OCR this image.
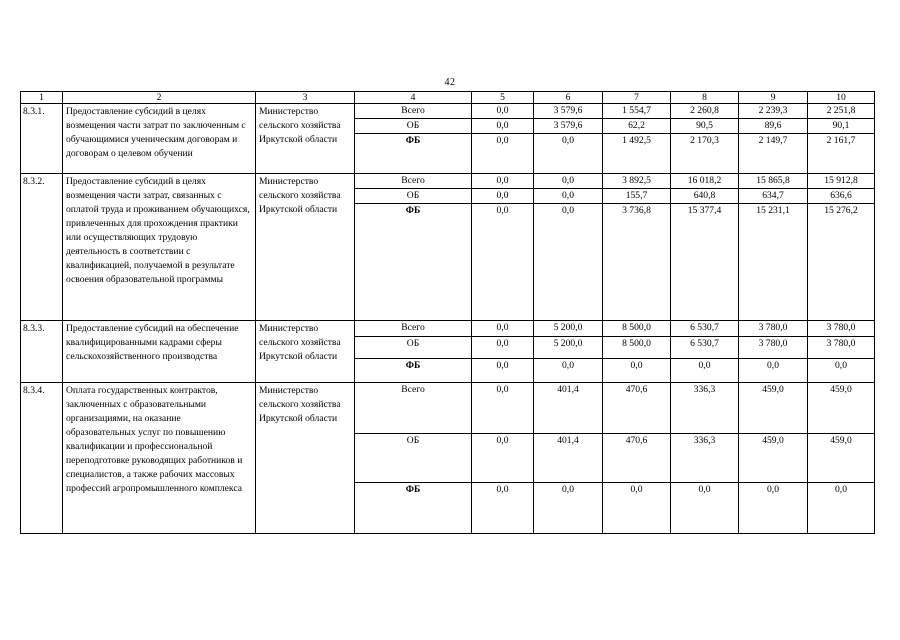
42
1	2	3	4	5	6	7	8	9	10
8.3.1.	Предоставление субсидий в целях возмещения части затрат по заключенным с обучающимися ученическим договорам и договорам о целевом обучении	Министерство сельского хозяйства Иркутской области	Всего	0,0	3 579,6	1 554,7	2 260,8	2 239,3	2 251,8
			ОБ	0,0	3 579,6	62,2	90,5	89,6	90,1
			ФБ	0,0	0,0	1 492,5	2 170,3	2 149,7	2 161,7
8.3.2.	Предоставление субсидий в целях возмещения части затрат, связанных с оплатой труда и проживанием обучающихся, привлеченных для прохождения практики или осуществляющих трудовую деятельность в соответствии с квалификацией, получаемой в результате освоения образовательной программы	Министерство сельского хозяйства Иркутской области	Всего	0,0	0,0	3 892,5	16 018,2	15 865,8	15 912,8
			ОБ	0,0	0,0	155,7	640,8	634,7	636,6
			ФБ	0,0	0,0	3 736,8	15 377,4	15 231,1	15 276,2
8.3.3.	Предоставление субсидий на обеспечение квалифицированными кадрами сферы сельскохозяйственного производства	Министерство сельского хозяйства Иркутской области	Всего	0,0	5 200,0	8 500,0	6 530,7	3 780,0	3 780,0
			ОБ	0,0	5 200,0	8 500,0	6 530,7	3 780,0	3 780,0
			ФБ	0,0	0,0	0,0	0,0	0,0	0,0
8.3.4.	Оплата государственных контрактов, заключенных с образовательными организациями, на оказание образовательных услуг по повышению квалификации и профессиональной переподготовке руководящих работников и специалистов, а также рабочих массовых профессий агропромышленного комплекса	Министерство сельского хозяйства Иркутской области	Всего	0,0	401,4	470,6	336,3	459,0	459,0
			ОБ	0,0	401,4	470,6	336,3	459,0	459,0
			ФБ	0,0	0,0	0,0	0,0	0,0	0,0
